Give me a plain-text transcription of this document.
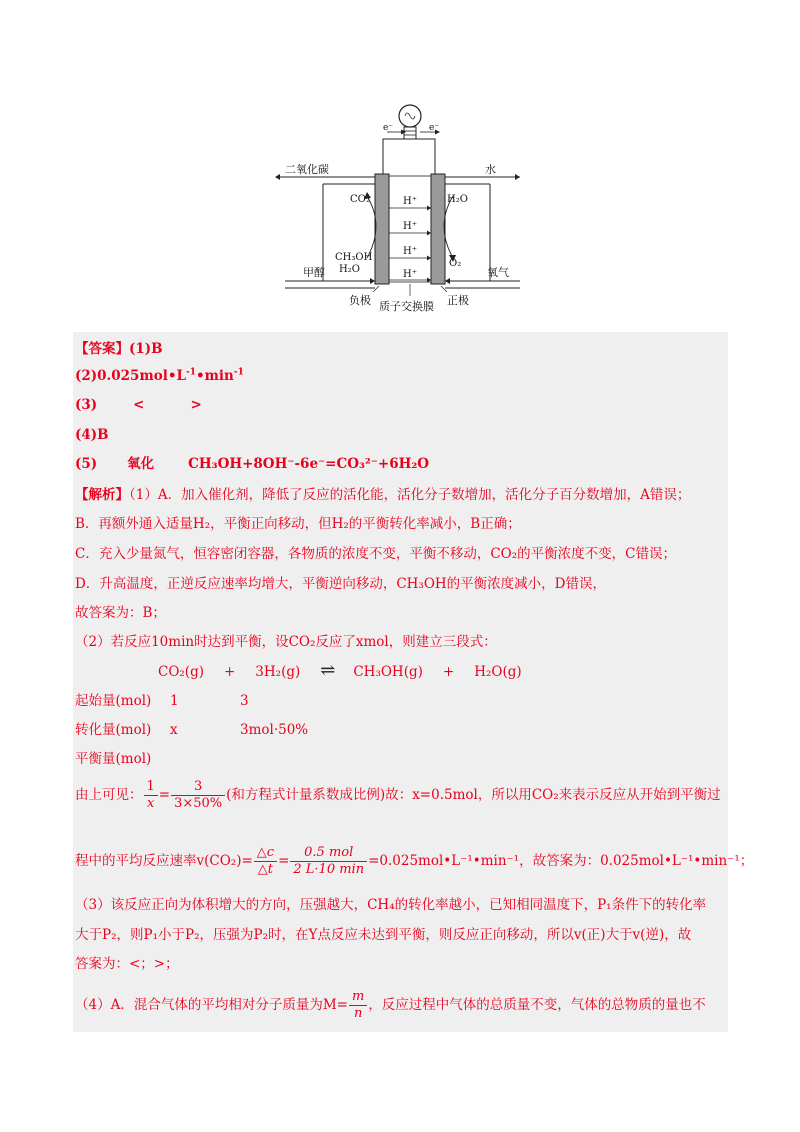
e⁻	e⁻
二氧化碳	水
H⁺
H⁺
H⁺
H⁺
CO₂	H₂O
CH₃OH
H₂O
O₂
甲醇	氧气
负极 质子交换膜 正极
【答案】(1)B
$(2)0.025mol•L^{-1}•\min^{-1}$
(3)	<	>
(4)B
(5) 氧化	CH₃OH+8OH⁻-6e⁻=CO₃²⁻+6H₂O
【解析】（1）A．加入催化剂，降低了反应的活化能，活化分子数增加，活化分子百分数增加，A错误；
B．再额外通入适量H₂，平衡正向移动，但H₂的平衡转化率减小，B正确；
C．充入少量氮气，恒容密闭容器，各物质的浓度不变，平衡不移动，CO₂的平衡浓度不变，C错误；
D．升高温度，正逆反应速率均增大，平衡逆向移动，CH₃OH的平衡浓度减小，D错误，
故答案为：B；
（2）若反应10min时达到平衡，设CO₂反应了xmol，则建立三段式：
CO₂(g) + 3H₂(g) ⇌ CH₃OH(g) + H₂O(g)
起始量(mol) 1	3
转化量(mol) x	3mol·50%
平衡量(mol)
由上可见： $\frac{1}{x} = \frac{3}{3\times 50\%}$ (和方程式计量系数成比例)故：x=0.5mol，所以用CO₂来表示反应从开始到平衡过
程中的平均反应速率$v(CO_2)= \frac{\triangle c}{\triangle t} = \frac{\text{0.5 mol}}{2 L\cdot 10 \min}$ =0.025mol•L⁻¹•min⁻¹，故答案为：0.025mol•L⁻¹•min⁻¹；
（3）该反应正向为体积增大的方向，压强越大，CH₄的转化率越小，已知相同温度下，P₁条件下的转化率
大于P₂，则P₁小于P₂，压强为P₂时，在Y点反应未达到平衡，则反应正向移动，所以v(正)大于v(逆)，故
答案为：<；>；
（4）A．混合气体的平均相对分子质量为$M= \frac{m}{n}$ ，反应过程中气体的总质量不变，气体的总物质的量也不
